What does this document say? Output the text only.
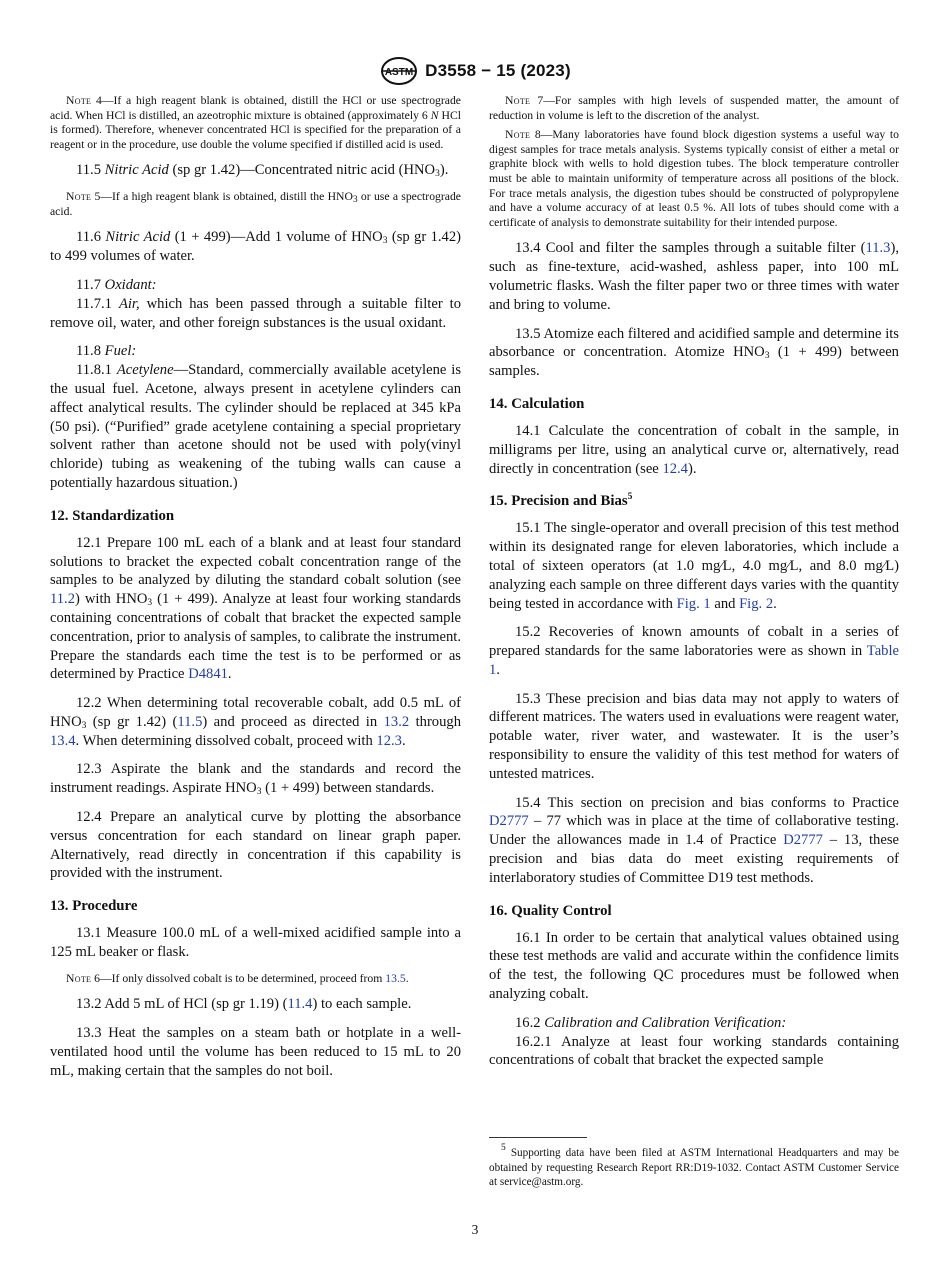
ASTM D3558 − 15 (2023)

Note 4—If a high reagent blank is obtained, distill the HCl or use spectrograde acid. When HCl is distilled, an azeotrophic mixture is obtained (approximately 6 N HCl is formed). Therefore, whenever concentrated HCl is specified for the preparation of a reagent or in the procedure, use double the volume specified if distilled acid is used.

11.5 Nitric Acid (sp gr 1.42)—Concentrated nitric acid $(HNO_3)$.

Note 5—If a high reagent blank is obtained, distill the $HNO_3$ or use a spectrograde acid.

11.6 Nitric Acid (1 + 499)—Add 1 volume of $HNO_3$ (sp gr 1.42) to 499 volumes of water.

11.7 Oxidant:

11.7.1 Air, which has been passed through a suitable filter to remove oil, water, and other foreign substances is the usual oxidant.

11.8 Fuel:

11.8.1 Acetylene—Standard, commercially available acetylene is the usual fuel. Acetone, always present in acetylene cylinders can affect analytical results. The cylinder should be replaced at 345 kPa (50 psi). (“Purified” grade acetylene containing a special proprietary solvent rather than acetone should not be used with poly(vinyl chloride) tubing as weakening of the tubing walls can cause a potentially hazardous situation.)

12. Standardization

12.1 Prepare 100 mL each of a blank and at least four standard solutions to bracket the expected cobalt concentration range of the samples to be analyzed by diluting the standard cobalt solution (see 11.2) with $HNO_3$ (1 + 499). Analyze at least four working standards containing concentrations of cobalt that bracket the expected sample concentration, prior to analysis of samples, to calibrate the instrument. Prepare the standards each time the test is to be performed or as determined by Practice D4841.

12.2 When determining total recoverable cobalt, add 0.5 mL of $HNO_3$ (sp gr 1.42) (11.5) and proceed as directed in 13.2 through 13.4. When determining dissolved cobalt, proceed with 12.3.

12.3 Aspirate the blank and the standards and record the instrument readings. Aspirate $HNO_3$ (1 + 499) between standards.

12.4 Prepare an analytical curve by plotting the absorbance versus concentration for each standard on linear graph paper. Alternatively, read directly in concentration if this capability is provided with the instrument.

13. Procedure

13.1 Measure 100.0 mL of a well-mixed acidified sample into a 125 mL beaker or flask.

Note 6—If only dissolved cobalt is to be determined, proceed from 13.5.

13.2 Add 5 mL of HCl (sp gr 1.19) (11.4) to each sample.

13.3 Heat the samples on a steam bath or hotplate in a well-ventilated hood until the volume has been reduced to 15 mL to 20 mL, making certain that the samples do not boil.

Note 7—For samples with high levels of suspended matter, the amount of reduction in volume is left to the discretion of the analyst.

Note 8—Many laboratories have found block digestion systems a useful way to digest samples for trace metals analysis. Systems typically consist of either a metal or graphite block with wells to hold digestion tubes. The block temperature controller must be able to maintain uniformity of temperature across all positions of the block. For trace metals analysis, the digestion tubes should be constructed of polypropylene and have a volume accuracy of at least 0.5 %. All lots of tubes should come with a certificate of analysis to demonstrate suitability for their intended purpose.

13.4 Cool and filter the samples through a suitable filter (11.3), such as fine-texture, acid-washed, ashless paper, into 100 mL volumetric flasks. Wash the filter paper two or three times with water and bring to volume.

13.5 Atomize each filtered and acidified sample and determine its absorbance or concentration. Atomize $HNO_3$ (1 + 499) between samples.

14. Calculation

14.1 Calculate the concentration of cobalt in the sample, in milligrams per litre, using an analytical curve or, alternatively, read directly in concentration (see 12.4).

15. Precision and Bias$^5$

15.1 The single-operator and overall precision of this test method within its designated range for eleven laboratories, which include a total of sixteen operators (at 1.0 mg⁄L, 4.0 mg⁄L, and 8.0 mg⁄L) analyzing each sample on three different days varies with the quantity being tested in accordance with Fig. 1 and Fig. 2.

15.2 Recoveries of known amounts of cobalt in a series of prepared standards for the same laboratories were as shown in Table 1.

15.3 These precision and bias data may not apply to waters of different matrices. The waters used in evaluations were reagent water, potable water, river water, and wastewater. It is the user’s responsibility to ensure the validity of this test method for waters of untested matrices.

15.4 This section on precision and bias conforms to Practice D2777 – 77 which was in place at the time of collaborative testing. Under the allowances made in 1.4 of Practice D2777 – 13, these precision and bias data do meet existing requirements of interlaboratory studies of Committee D19 test methods.

16. Quality Control

16.1 In order to be certain that analytical values obtained using these test methods are valid and accurate within the confidence limits of the test, the following QC procedures must be followed when analyzing cobalt.

16.2 Calibration and Calibration Verification:

16.2.1 Analyze at least four working standards containing concentrations of cobalt that bracket the expected sample

$^5$ Supporting data have been filed at ASTM International Headquarters and may be obtained by requesting Research Report RR:D19-1032. Contact ASTM Customer Service at service@astm.org.

3
